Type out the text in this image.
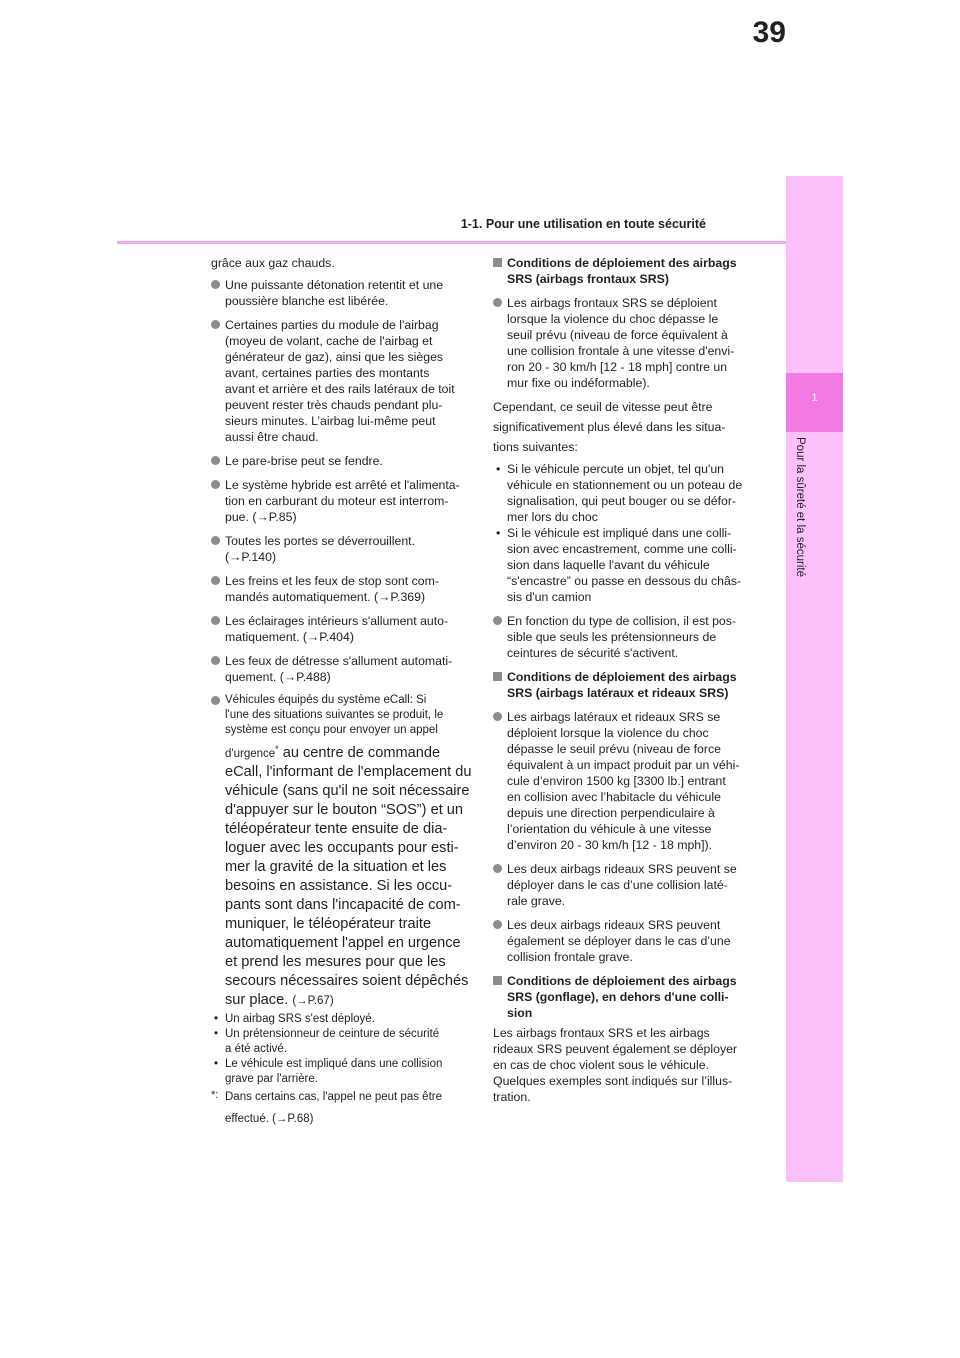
39
1-1. Pour une utilisation en toute sécurité
1
Pour la sûreté et la sécurité
grâce aux gaz chauds.
Une puissante détonation retentit et une
poussière blanche est libérée.
Certaines parties du module de l'airbag
(moyeu de volant, cache de l'airbag et
générateur de gaz), ainsi que les sièges
avant, certaines parties des montants
avant et arrière et des rails latéraux de toit
peuvent rester très chauds pendant plu-
sieurs minutes. L’airbag lui-même peut
aussi être chaud.
Le pare-brise peut se fendre.
Le système hybride est arrêté et l'alimenta-
tion en carburant du moteur est interrom-
pue. (→P.85)
Toutes les portes se déverrouillent.
(→P.140)
Les freins et les feux de stop sont com-
mandés automatiquement. (→P.369)
Les éclairages intérieurs s'allument auto-
matiquement. (→P.404)
Les feux de détresse s'allument automati-
quement. (→P.488)
Véhicules équipés du système eCall: Si
l'une des situations suivantes se produit, le
système est conçu pour envoyer un appel
d'urgence* au centre de commande
eCall, l'informant de l'emplacement du
véhicule (sans qu'il ne soit nécessaire
d'appuyer sur le bouton “SOS”) et un
téléopérateur tente ensuite de dia-
loguer avec les occupants pour esti-
mer la gravité de la situation et les
besoins en assistance. Si les occu-
pants sont dans l'incapacité de com-
muniquer, le téléopérateur traite
automatiquement l'appel en urgence
et prend les mesures pour que les
secours nécessaires soient dépêchés
sur place. (→P.67)
• Un airbag SRS s'est déployé.
• Un prétensionneur de ceinture de sécurité
a été activé.
• Le véhicule est impliqué dans une collision
grave par l'arrière.
*: Dans certains cas, l'appel ne peut pas être
effectué. (→P.68)
Conditions de déploiement des airbags
SRS (airbags frontaux SRS)
Les airbags frontaux SRS se déploient
lorsque la violence du choc dépasse le
seuil prévu (niveau de force équivalent à
une collision frontale à une vitesse d'envi-
ron 20 - 30 km/h [12 - 18 mph] contre un
mur fixe ou indéformable).
Cependant, ce seuil de vitesse peut être
significativement plus élevé dans les situa-
tions suivantes:
• Si le véhicule percute un objet, tel qu'un
véhicule en stationnement ou un poteau de
signalisation, qui peut bouger ou se défor-
mer lors du choc
• Si le véhicule est impliqué dans une colli-
sion avec encastrement, comme une colli-
sion dans laquelle l'avant du véhicule
“s'encastre” ou passe en dessous du châs-
sis d'un camion
En fonction du type de collision, il est pos-
sible que seuls les prétensionneurs de
ceintures de sécurité s'activent.
Conditions de déploiement des airbags
SRS (airbags latéraux et rideaux SRS)
Les airbags latéraux et rideaux SRS se
déploient lorsque la violence du choc
dépasse le seuil prévu (niveau de force
équivalent à un impact produit par un véhi-
cule d’environ 1500 kg [3300 lb.] entrant
en collision avec l’habitacle du véhicule
depuis une direction perpendiculaire à
l’orientation du véhicule à une vitesse
d’environ 20 - 30 km/h [12 - 18 mph]).
Les deux airbags rideaux SRS peuvent se
déployer dans le cas d’une collision laté-
rale grave.
Les deux airbags rideaux SRS peuvent
également se déployer dans le cas d’une
collision frontale grave.
Conditions de déploiement des airbags
SRS (gonflage), en dehors d'une colli-
sion
Les airbags frontaux SRS et les airbags
rideaux SRS peuvent également se déployer
en cas de choc violent sous le véhicule.
Quelques exemples sont indiqués sur l’illus-
tration.
